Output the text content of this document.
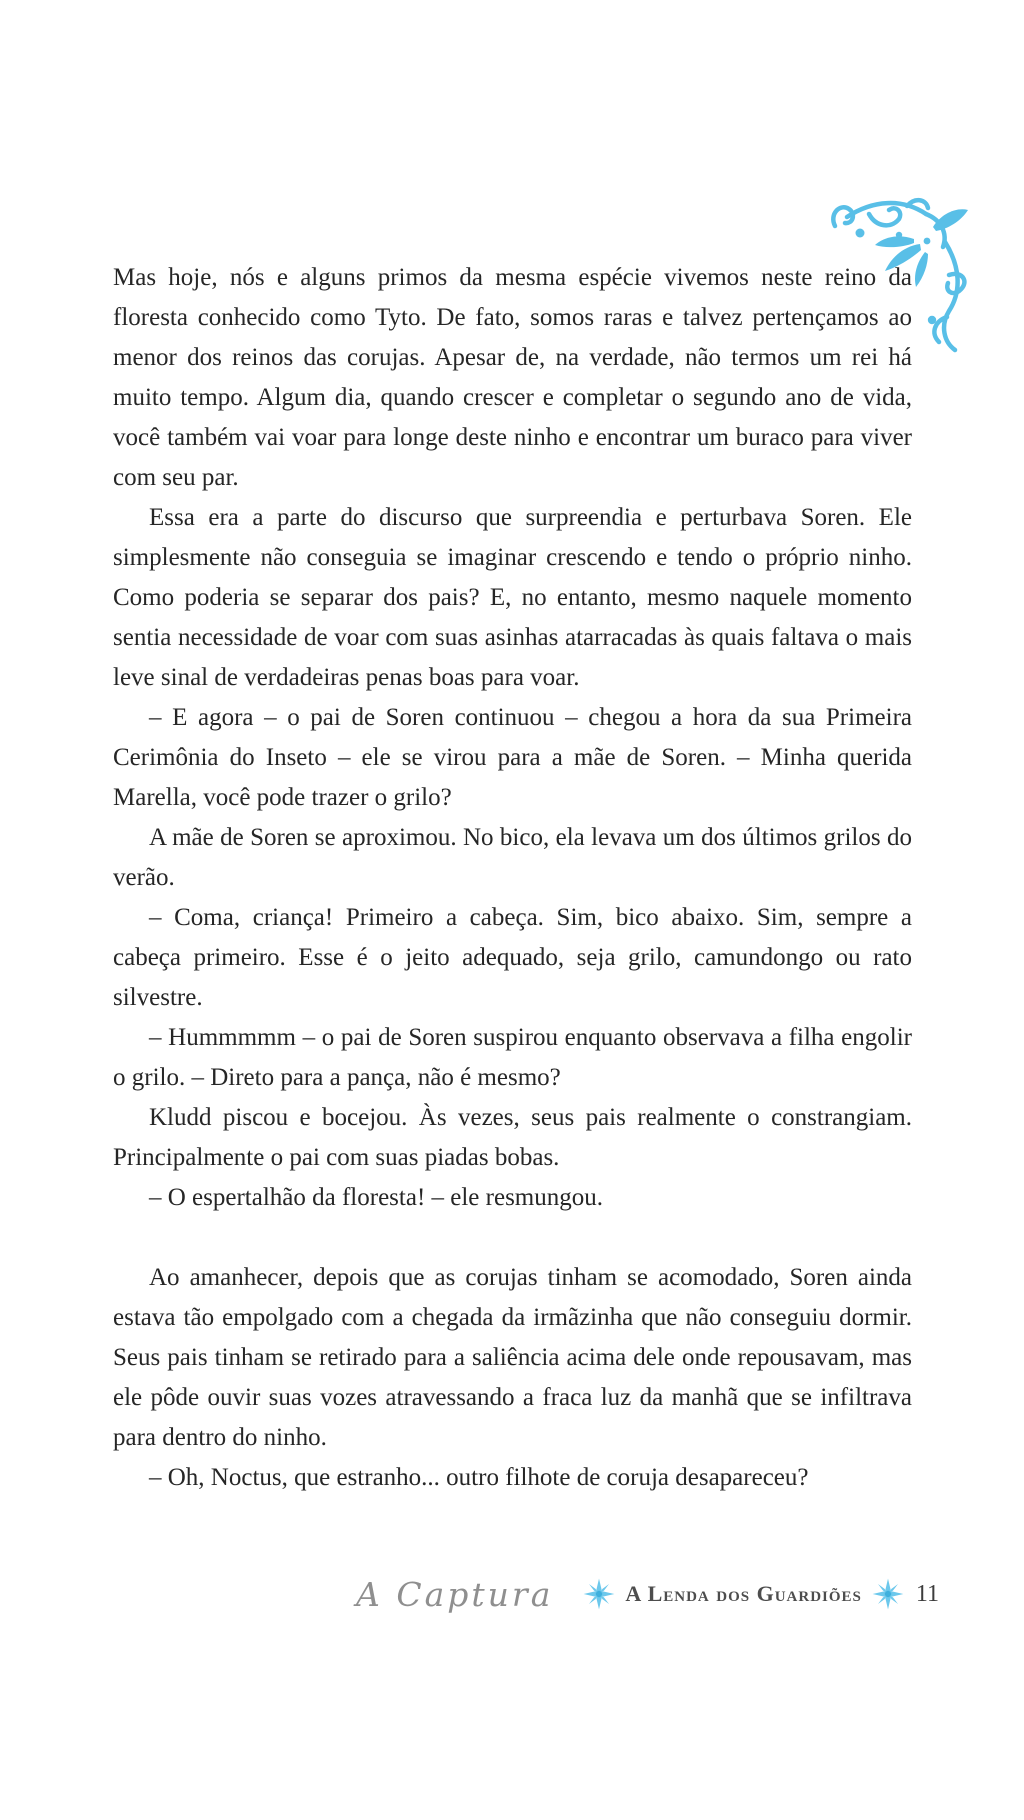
Mas hoje, nós e alguns primos da mesma espécie vivemos neste reino da floresta conhecido como Tyto. De fato, somos raras e talvez pertençamos ao menor dos reinos das corujas. Apesar de, na verdade, não termos um rei há muito tempo. Algum dia, quando crescer e completar o segundo ano de vida, você também vai voar para longe deste ninho e encontrar um buraco para viver com seu par.

Essa era a parte do discurso que surpreendia e perturbava Soren. Ele simplesmente não conseguia se imaginar crescendo e tendo o próprio ninho. Como poderia se separar dos pais? E, no entanto, mesmo naquele momento sentia necessidade de voar com suas asinhas atarracadas às quais faltava o mais leve sinal de verdadeiras penas boas para voar.

– E agora – o pai de Soren continuou – chegou a hora da sua Primeira Cerimônia do Inseto – ele se virou para a mãe de Soren. – Minha querida Marella, você pode trazer o grilo?

A mãe de Soren se aproximou. No bico, ela levava um dos últimos grilos do verão.

– Coma, criança! Primeiro a cabeça. Sim, bico abaixo. Sim, sempre a cabeça primeiro. Esse é o jeito adequado, seja grilo, camundongo ou rato silvestre.

– Hummmmm – o pai de Soren suspirou enquanto observava a filha engolir o grilo. – Direto para a pança, não é mesmo?

Kludd piscou e bocejou. Às vezes, seus pais realmente o constrangiam. Principalmente o pai com suas piadas bobas.

– O espertalhão da floresta! – ele resmungou.

Ao amanhecer, depois que as corujas tinham se acomodado, Soren ainda estava tão empolgado com a chegada da irmãzinha que não conseguiu dormir. Seus pais tinham se retirado para a saliência acima dele onde repousavam, mas ele pôde ouvir suas vozes atravessando a fraca luz da manhã que se infiltrava para dentro do ninho.

– Oh, Noctus, que estranho... outro filhote de coruja desapareceu?

A Captura	A Lenda dos Guardiões 11
